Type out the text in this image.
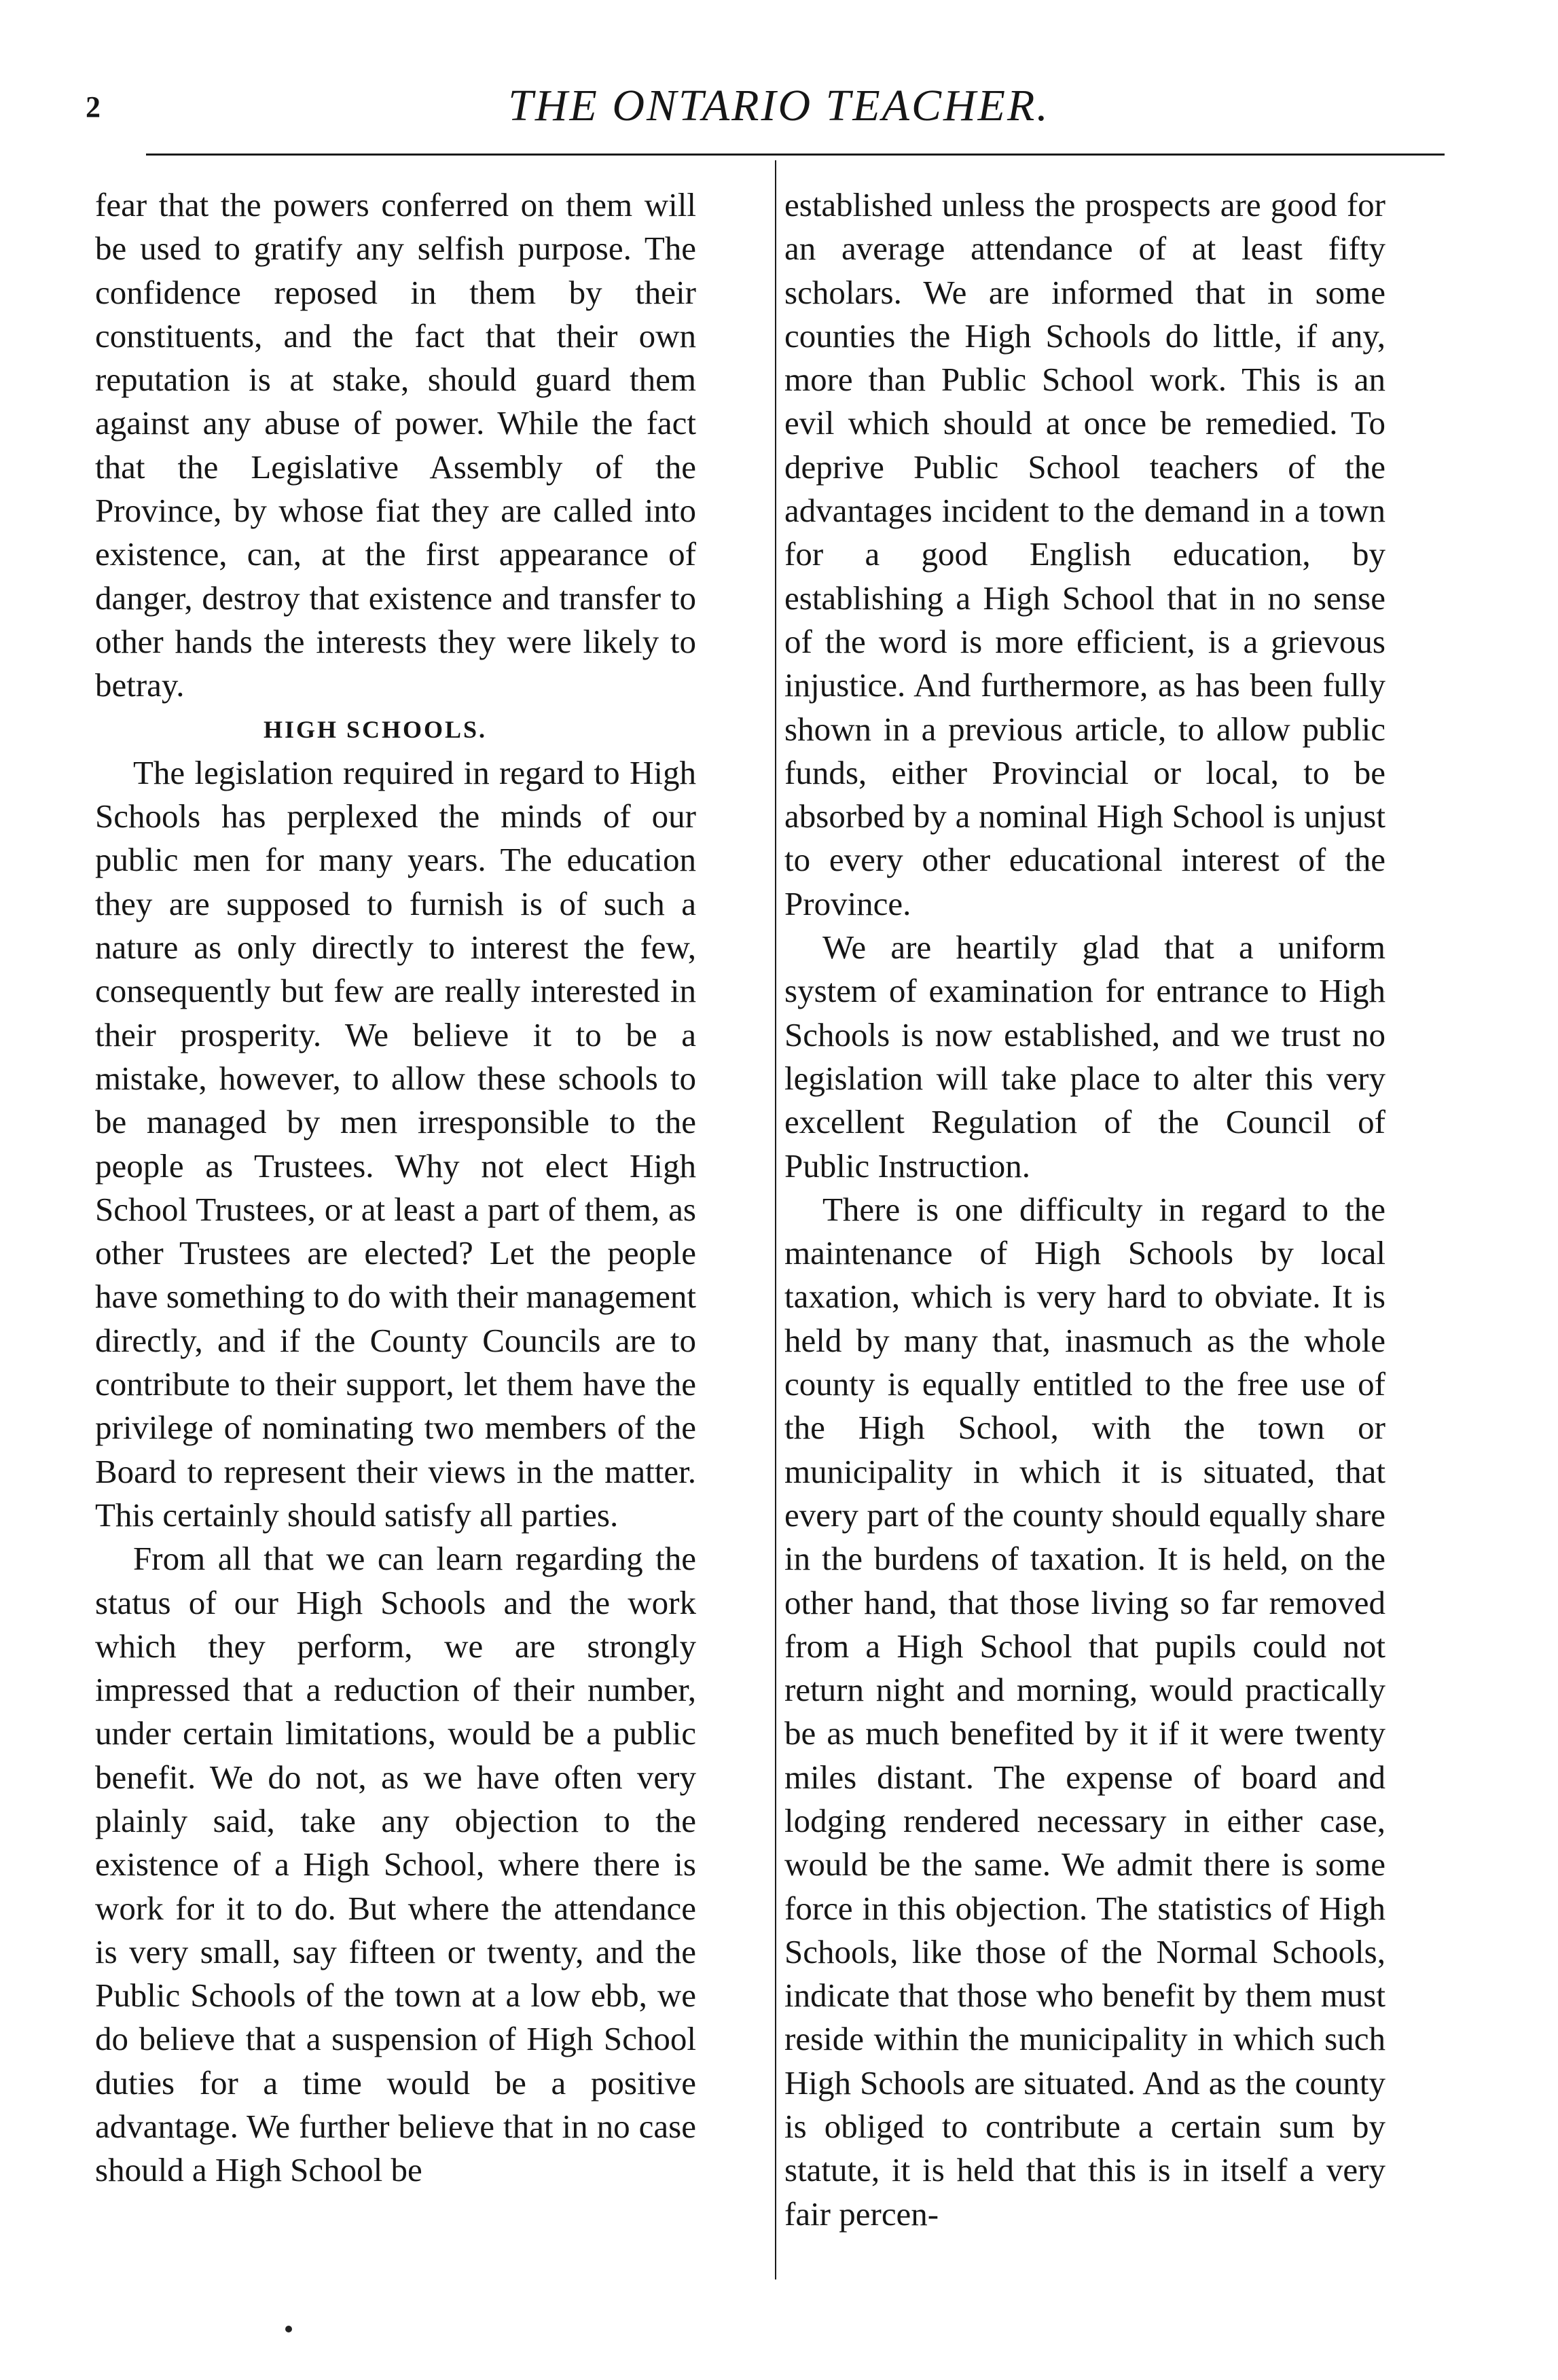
2	THE ONTARIO TEACHER.

fear that the powers conferred on them will be used to gratify any selfish purpose. The confidence reposed in them by their constituents, and the fact that their own reputation is at stake, should guard them against any abuse of power. While the fact that the Legislative Assembly of the Province, by whose fiat they are called into existence, can, at the first appearance of danger, destroy that existence and transfer to other hands the interests they were likely to betray.

HIGH SCHOOLS.

The legislation required in regard to High Schools has perplexed the minds of our public men for many years. The education they are supposed to furnish is of such a nature as only directly to interest the few, consequently but few are really interested in their prosperity. We believe it to be a mistake, however, to allow these schools to be managed by men irresponsible to the people as Trustees. Why not elect High School Trustees, or at least a part of them, as other Trustees are elected? Let the people have something to do with their management directly, and if the County Councils are to contribute to their support, let them have the privilege of nominating two members of the Board to represent their views in the matter. This certainly should satisfy all parties.

From all that we can learn regarding the status of our High Schools and the work which they perform, we are strongly impressed that a reduction of their number, under certain limitations, would be a public benefit. We do not, as we have often very plainly said, take any objection to the existence of a High School, where there is work for it to do. But where the attendance is very small, say fifteen or twenty, and the Public Schools of the town at a low ebb, we do believe that a suspension of High School duties for a time would be a positive advantage. We further believe that in no case should a High School be

established unless the prospects are good for an average attendance of at least fifty scholars. We are informed that in some counties the High Schools do little, if any, more than Public School work. This is an evil which should at once be remedied. To deprive Public School teachers of the advantages incident to the demand in a town for a good English education, by establishing a High School that in no sense of the word is more efficient, is a grievous injustice. And furthermore, as has been fully shown in a previous article, to allow public funds, either Provincial or local, to be absorbed by a nominal High School is unjust to every other educational interest of the Province.

We are heartily glad that a uniform system of examination for entrance to High Schools is now established, and we trust no legislation will take place to alter this very excellent Regulation of the Council of Public Instruction.

There is one difficulty in regard to the maintenance of High Schools by local taxation, which is very hard to obviate. It is held by many that, inasmuch as the whole county is equally entitled to the free use of the High School, with the town or municipality in which it is situated, that every part of the county should equally share in the burdens of taxation. It is held, on the other hand, that those living so far removed from a High School that pupils could not return night and morning, would practically be as much benefited by it if it were twenty miles distant. The expense of board and lodging rendered necessary in either case, would be the same. We admit there is some force in this objection. The statistics of High Schools, like those of the Normal Schools, indicate that those who benefit by them must reside within the municipality in which such High Schools are situated. And as the county is obliged to contribute a certain sum by statute, it is held that this is in itself a very fair percen-
